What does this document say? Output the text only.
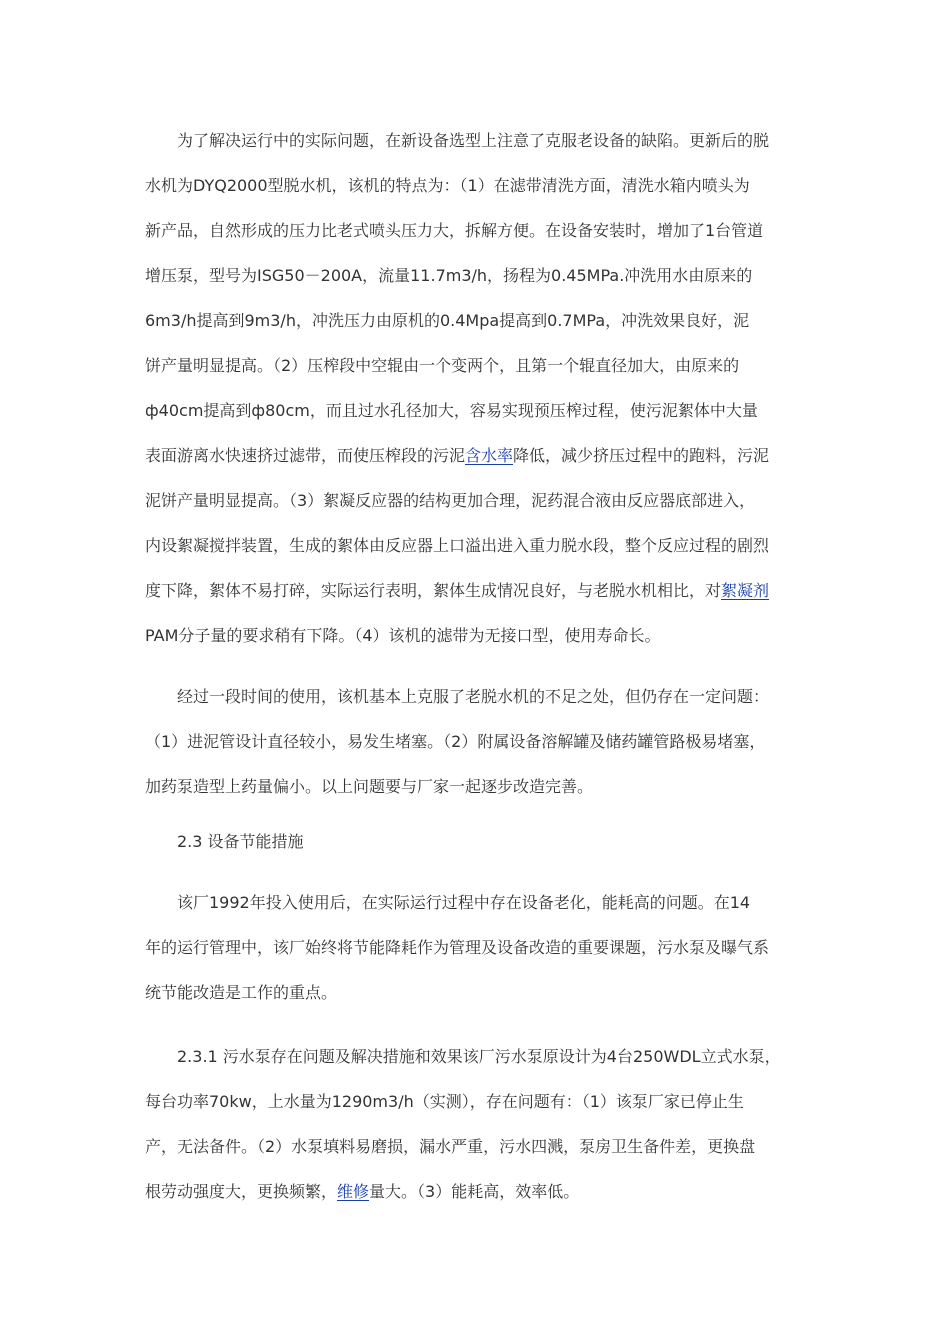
为了解决运行中的实际问题，在新设备选型上注意了克服老设备的缺陷。更新后的脱
水机为DYQ2000型脱水机，该机的特点为：（1）在滤带清洗方面，清洗水箱内喷头为
新产品，自然形成的压力比老式喷头压力大，拆解方便。在设备安装时，增加了1台管道
增压泵，型号为ISG50－200A，流量11.7m3/h，扬程为0.45MPa.冲洗用水由原来的
6m3/h提高到9m3/h，冲洗压力由原机的0.4Mpa提高到0.7MPa，冲洗效果良好，泥
饼产量明显提高。（2）压榨段中空辊由一个变两个，且第一个辊直径加大，由原来的
ф40cm提高到ф80cm，而且过水孔径加大，容易实现预压榨过程，使污泥絮体中大量
表面游离水快速挤过滤带，而使压榨段的污泥含水率降低，减少挤压过程中的跑料，污泥
泥饼产量明显提高。（3）絮凝反应器的结构更加合理，泥药混合液由反应器底部进入，
内设絮凝搅拌装置，生成的絮体由反应器上口溢出进入重力脱水段，整个反应过程的剧烈
度下降，絮体不易打碎，实际运行表明，絮体生成情况良好，与老脱水机相比，对絮凝剂
PAM分子量的要求稍有下降。（4）该机的滤带为无接口型，使用寿命长。
经过一段时间的使用，该机基本上克服了老脱水机的不足之处，但仍存在一定问题：
（1）进泥管设计直径较小，易发生堵塞。（2）附属设备溶解罐及储药罐管路极易堵塞，
加药泵造型上药量偏小。以上问题要与厂家一起逐步改造完善。
2.3 设备节能措施
该厂1992年投入使用后，在实际运行过程中存在设备老化，能耗高的问题。在14
年的运行管理中，该厂始终将节能降耗作为管理及设备改造的重要课题，污水泵及曝气系
统节能改造是工作的重点。
2.3.1 污水泵存在问题及解决措施和效果该厂污水泵原设计为4台250WDL立式水泵，
每台功率70kw，上水量为1290m3/h（实测），存在问题有：（1）该泵厂家已停止生
产，无法备件。（2）水泵填料易磨损，漏水严重，污水四溅，泵房卫生备件差，更换盘
根劳动强度大，更换频繁，维修量大。（3）能耗高，效率低。
